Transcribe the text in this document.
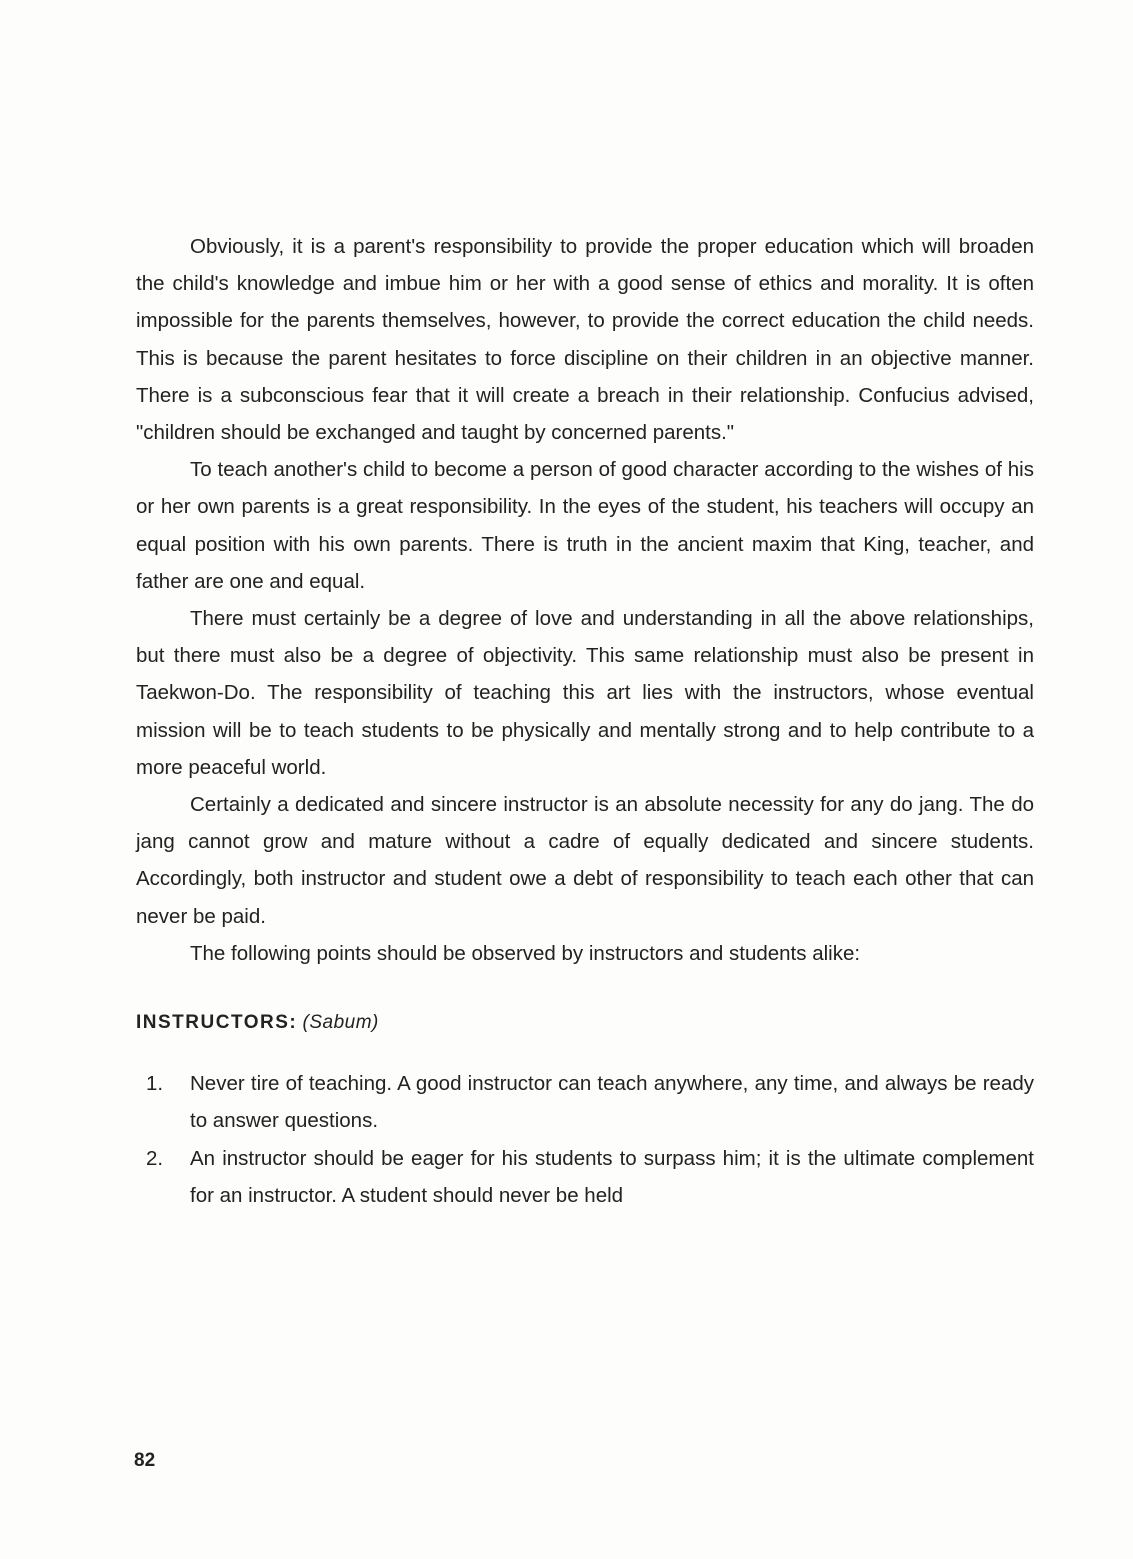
Obviously, it is a parent's responsibility to provide the proper education which will broaden the child's knowledge and imbue him or her with a good sense of ethics and morality. It is often impossible for the parents themselves, however, to provide the correct education the child needs. This is because the parent hesitates to force discipline on their children in an objective manner. There is a subconscious fear that it will create a breach in their relationship. Confucius advised, "children should be exchanged and taught by concerned parents."

To teach another's child to become a person of good character according to the wishes of his or her own parents is a great responsibility. In the eyes of the student, his teachers will occupy an equal position with his own parents. There is truth in the ancient maxim that King, teacher, and father are one and equal.

There must certainly be a degree of love and understanding in all the above relationships, but there must also be a degree of objectivity. This same relationship must also be present in Taekwon-Do. The responsibility of teaching this art lies with the instructors, whose eventual mission will be to teach students to be physically and mentally strong and to help contribute to a more peaceful world.

Certainly a dedicated and sincere instructor is an absolute necessity for any do jang. The do jang cannot grow and mature without a cadre of equally dedicated and sincere students. Accordingly, both instructor and student owe a debt of responsibility to teach each other that can never be paid.

The following points should be observed by instructors and students alike:

INSTRUCTORS: (Sabum)

1. Never tire of teaching. A good instructor can teach anywhere, any time, and always be ready to answer questions.
2. An instructor should be eager for his students to surpass him; it is the ultimate complement for an instructor. A student should never be held
82
